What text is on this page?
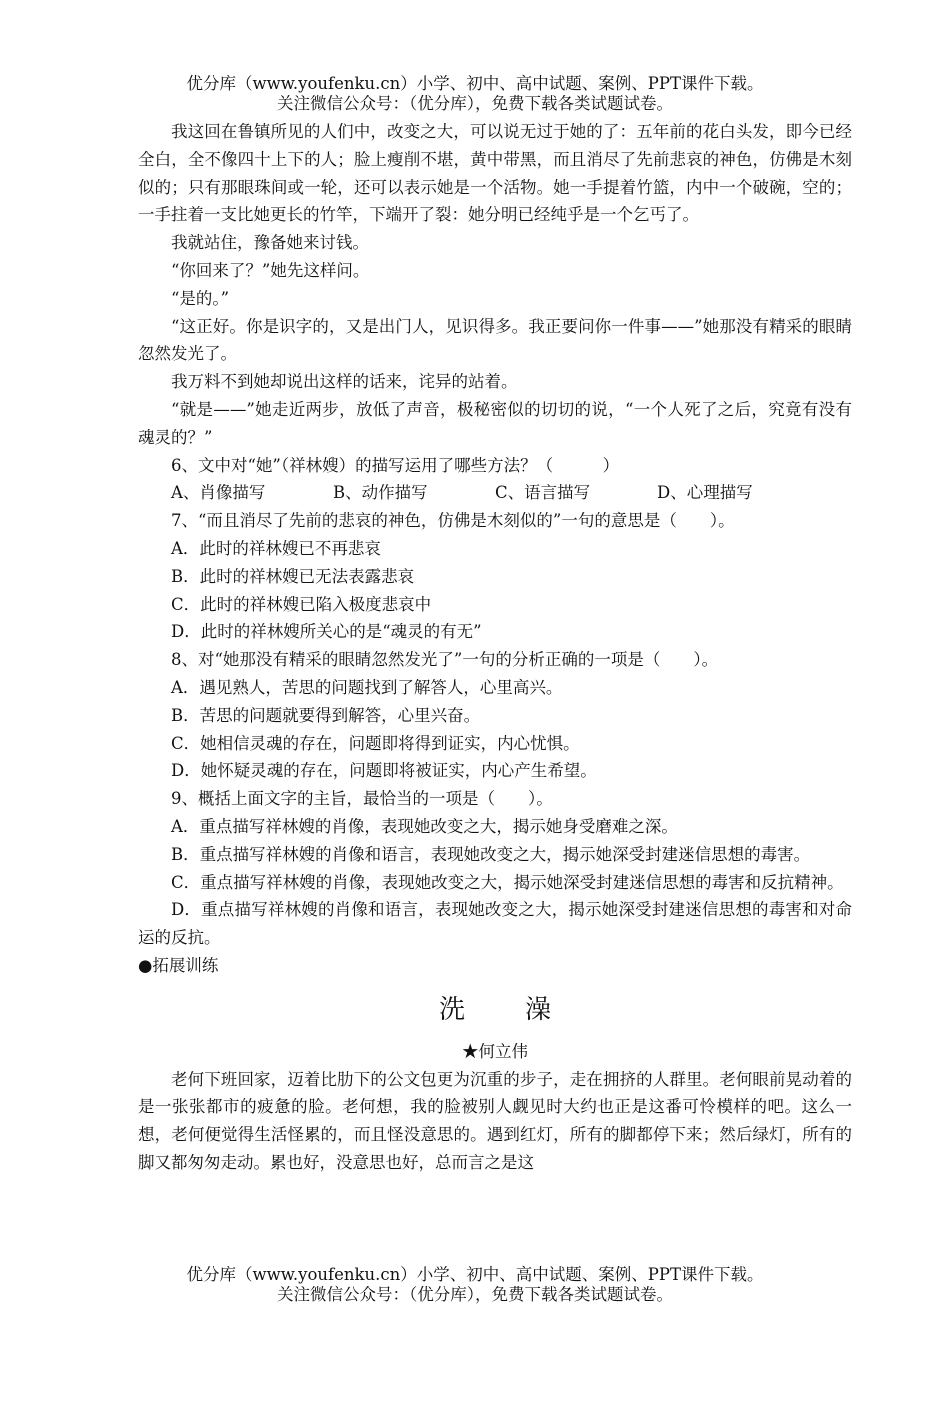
优分库（www.youfenku.cn）小学、初中、高中试题、案例、PPT课件下载。
关注微信公众号：（优分库），免费下载各类试题试卷。

我这回在鲁镇所见的人们中，改变之大，可以说无过于她的了：五年前的花白头发，即今已经全白，全不像四十上下的人；脸上瘦削不堪，黄中带黑，而且消尽了先前悲哀的神色，仿佛是木刻似的；只有那眼珠间或一轮，还可以表示她是一个活物。她一手提着竹篮，内中一个破碗，空的；一手拄着一支比她更长的竹竿，下端开了裂：她分明已经纯乎是一个乞丐了。

我就站住，豫备她来讨钱。

“你回来了？”她先这样问。

“是的。”

“这正好。你是识字的，又是出门人，见识得多。我正要问你一件事——”她那没有精采的眼睛忽然发光了。

我万料不到她却说出这样的话来，诧异的站着。

“就是——”她走近两步，放低了声音，极秘密似的切切的说，“一个人死了之后，究竟有没有魂灵的？”

6、文中对“她”（祥林嫂）的描写运用了哪些方法？（　　　）

A、肖像描写	B、动作描写	C、语言描写	D、心理描写

7、“而且消尽了先前的悲哀的神色，仿佛是木刻似的”一句的意思是（　　）。

A．此时的祥林嫂已不再悲哀

B．此时的祥林嫂已无法表露悲哀

C．此时的祥林嫂已陷入极度悲哀中

D．此时的祥林嫂所关心的是“魂灵的有无”

8、对“她那没有精采的眼睛忽然发光了”一句的分析正确的一项是（　　）。

A．遇见熟人，苦思的问题找到了解答人，心里高兴。

B．苦思的问题就要得到解答，心里兴奋。

C．她相信灵魂的存在，问题即将得到证实，内心忧惧。

D．她怀疑灵魂的存在，问题即将被证实，内心产生希望。

9、概括上面文字的主旨，最恰当的一项是（　　）。

A．重点描写祥林嫂的肖像，表现她改变之大，揭示她身受磨难之深。

B．重点描写祥林嫂的肖像和语言，表现她改变之大，揭示她深受封建迷信思想的毒害。

C．重点描写祥林嫂的肖像，表现她改变之大，揭示她深受封建迷信思想的毒害和反抗精神。

D．重点描写祥林嫂的肖像和语言，表现她改变之大，揭示她深受封建迷信思想的毒害和对命运的反抗。

●拓展训练

洗 澡

★何立伟

老何下班回家，迈着比肋下的公文包更为沉重的步子，走在拥挤的人群里。老何眼前晃动着的是一张张都市的疲惫的脸。老何想，我的脸被别人觑见时大约也正是这番可怜模样的吧。这么一想，老何便觉得生活怪累的，而且怪没意思的。遇到红灯，所有的脚都停下来；然后绿灯，所有的脚又都匆匆走动。累也好，没意思也好，总而言之是这

优分库（www.youfenku.cn）小学、初中、高中试题、案例、PPT课件下载。
关注微信公众号：（优分库），免费下载各类试题试卷。
